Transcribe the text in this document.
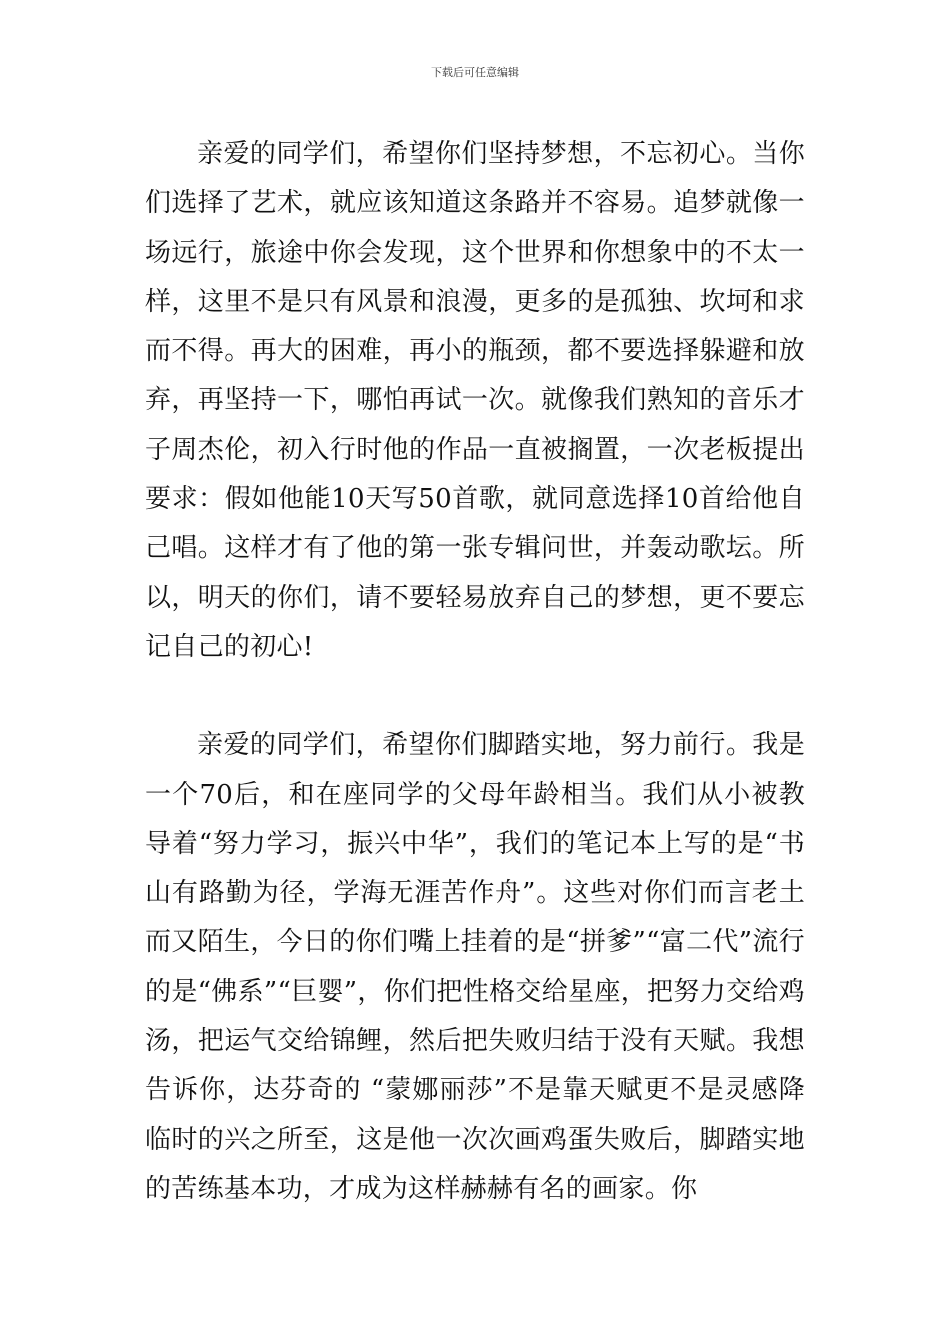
下载后可任意编辑

亲爱的同学们，希望你们坚持梦想，不忘初心。当你们选择了艺术，就应该知道这条路并不容易。追梦就像一场远行，旅途中你会发现，这个世界和你想象中的不太一样，这里不是只有风景和浪漫，更多的是孤独、坎坷和求而不得。再大的困难，再小的瓶颈，都不要选择躲避和放弃，再坚持一下，哪怕再试一次。就像我们熟知的音乐才子周杰伦，初入行时他的作品一直被搁置，一次老板提出要求：假如他能10天写50首歌，就同意选择10首给他自己唱。这样才有了他的第一张专辑问世，并轰动歌坛。所以，明天的你们，请不要轻易放弃自己的梦想，更不要忘记自己的初心!

亲爱的同学们，希望你们脚踏实地，努力前行。我是一个70后，和在座同学的父母年龄相当。我们从小被教导着“努力学习，振兴中华”，我们的笔记本上写的是“书山有路勤为径，学海无涯苦作舟”。这些对你们而言老土而又陌生，今日的你们嘴上挂着的是“拼爹”“富二代”流行的是“佛系”“巨婴”，你们把性格交给星座，把努力交给鸡汤，把运气交给锦鲤，然后把失败归结于没有天赋。我想告诉你，达芬奇的 “蒙娜丽莎”不是靠天赋更不是灵感降临时的兴之所至，这是他一次次画鸡蛋失败后，脚踏实地的苦练基本功，才成为这样赫赫有名的画家。你
